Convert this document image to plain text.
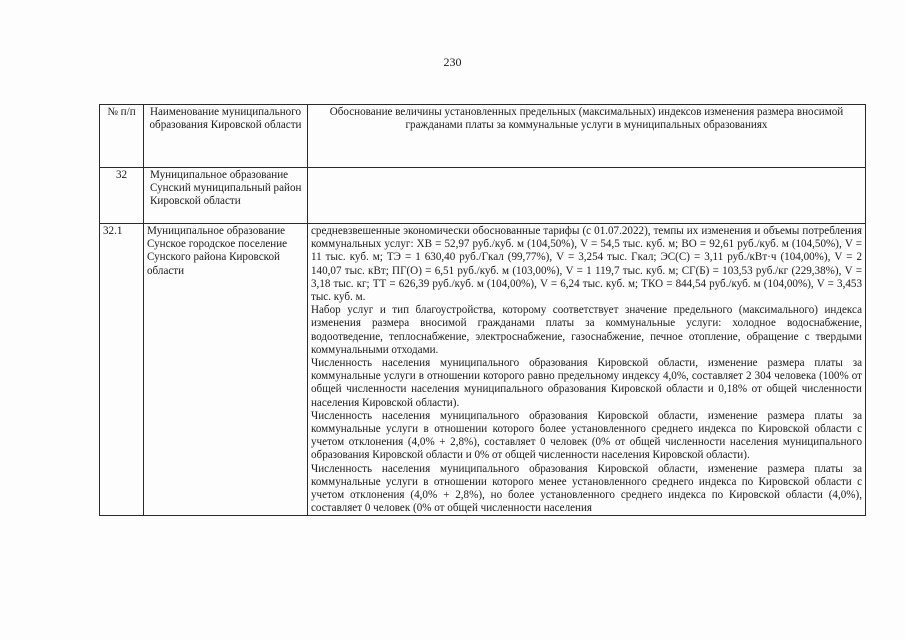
230
№ п/п	Наименование муниципального образования Кировской области	Обоснование величины установленных предельных (максимальных) индексов изменения размера вносимой гражданами платы за коммунальные услуги в муниципальных образованиях
32	Муниципальное образование Сунский муниципальный район Кировской области	
32.1	Муниципальное образование Сунское городское поселение Сунского района Кировской области	средневзвешенные экономически обоснованные тарифы (с 01.07.2022), темпы их изменения и объемы потребления коммунальных услуг: ХВ = 52,97 руб./куб. м (104,50%), V = 54,5 тыс. куб. м; ВО = 92,61 руб./куб. м (104,50%), V = 11 тыс. куб. м; ТЭ = 1 630,40 руб./Гкал (99,77%), V = 3,254 тыс. Гкал; ЭС(С) = 3,11 руб./кВт·ч (104,00%), V = 2 140,07 тыс. кВт; ПГ(О) = 6,51 руб./куб. м (103,00%), V = 1 119,7 тыс. куб. м; СГ(Б) = 103,53 руб./кг (229,38%), V = 3,18 тыс. кг; ТТ = 626,39 руб./куб. м (104,00%), V = 6,24 тыс. куб. м; ТКО = 844,54 руб./куб. м (104,00%), V = 3,453 тыс. куб. м.

Набор услуг и тип благоустройства, которому соответствует значение предельного (максимального) индекса изменения размера вносимой гражданами платы за коммунальные услуги: холодное водоснабжение, водоотведение, теплоснабжение, электроснабжение, газоснабжение, печное отопление, обращение с твердыми коммунальными отходами.

Численность населения муниципального образования Кировской области, изменение размера платы за коммунальные услуги в отношении которого равно предельному индексу 4,0%, составляет 2 304 человека (100% от общей численности населения муниципального образования Кировской области и 0,18% от общей численности населения Кировской области).

Численность населения муниципального образования Кировской области, изменение размера платы за коммунальные услуги в отношении которого более установленного среднего индекса по Кировской области с учетом отклонения (4,0% + 2,8%), составляет 0 человек (0% от общей численности населения муниципального образования Кировской области и 0% от общей численности населения Кировской области).

Численность населения муниципального образования Кировской области, изменение размера платы за коммунальные услуги в отношении которого менее установленного среднего индекса по Кировской области с учетом отклонения (4,0% + 2,8%), но более установленного среднего индекса по Кировской области (4,0%), составляет 0 человек (0% от общей численности населения
